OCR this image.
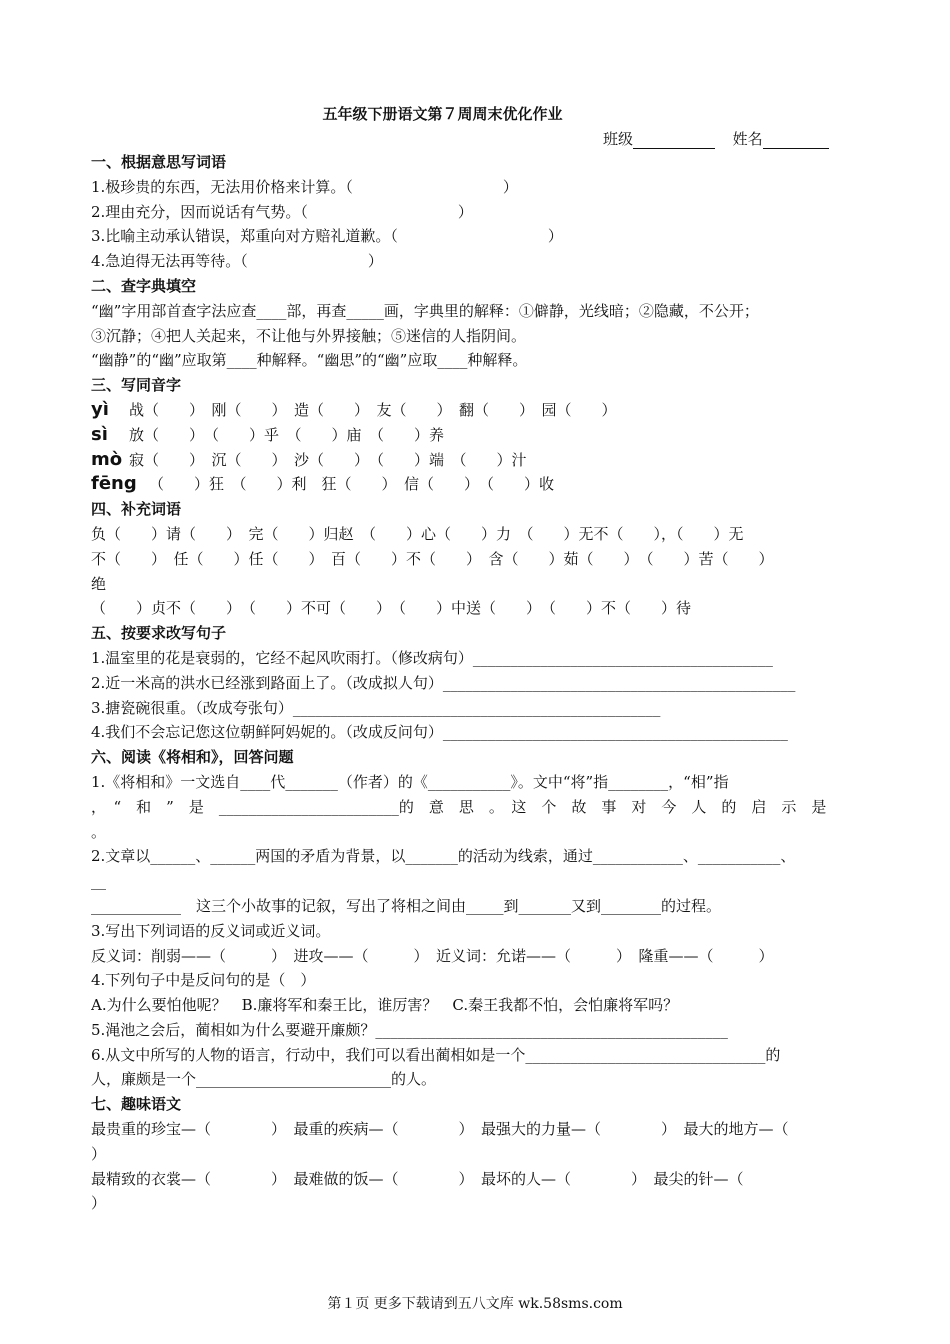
五年级下册语文第７周周末优化作业
班级	姓名
一、根据意思写词语
1.极珍贵的东西，无法用价格来计算。（　　　　　　　　　　）
2.理由充分，因而说话有气势。（　　　　　　　　　　）
3.比喻主动承认错误，郑重向对方赔礼道歉。（　　　　　　　　　　）
4.急迫得无法再等待。（　　　　　　　　）
二、查字典填空
“幽”字用部首查字法应查____部，再查_____画，字典里的解释：①僻静，光线暗；②隐藏，不公开；
③沉静；④把人关起来，不让他与外界接触；⑤迷信的人指阴间。
“幽静”的“幽”应取第____种解释。“幽思”的“幽”应取____种解释。
三、写同音字
yì 战（　　）　刚（　　）　造（　　）　友（　　）　翻（　　）　园（　　）
sì 放（　　）　（　　）乎　（　　）庙　（　　）养
mò 寂（　　）　沉（　　）　沙（　　）　（　　）端　（　　）汁
fēng （　　）狂　（　　）利　狂（　　）　信（　　）　（　　）收
四、补充词语
负（　　）请（　　）　完（　　）归赵　（　　）心（　　）力　（　　）无不（　　），（　　）无
不（　　）　任（　　）任（　　）　百（　　）不（　　）　含（　　）茹（　　）　（　　）苦（　　）
绝
（　　）贞不（　　）　（　　）不可（　　）　（　　）中送（　　）　（　　）不（　　）待
五、按要求改写句子
1.温室里的花是衰弱的，它经不起风吹雨打。（修改病句）________________________________________
2.近一米高的洪水已经涨到路面上了。（改成拟人句）_______________________________________________
3.搪瓷碗很重。（改成夸张句）_________________________________________________
4.我们不会忘记您这位朝鲜阿妈妮的。（改成反问句）______________________________________________
六、阅读《将相和》，回答问题
1.《将相和》一文选自____代_______（作者）的《___________》。文中“将”指________，“相”指
，　“　和　”　是　________________________的　意　思　。　这　个　故　事　对　今　人　的　启　示　是
。
2.文章以______、______两国的矛盾为背景，以_______的活动为线索，通过____________、___________、
__
____________　这三个小故事的记叙，写出了将相之间由_____到_______又到________的过程。
3.写出下列词语的反义词或近义词。
反义词：削弱——（　　　）　进攻——（　　　）　近义词：允诺——（　　　）　隆重——（　　　）
4.下列句子中是反问句的是（　）
A.为什么要怕他呢？　B.廉将军和秦王比，谁厉害？　C.秦王我都不怕，会怕廉将军吗？
5.渑池之会后，蔺相如为什么要避开廉颇？_______________________________________________
6.从文中所写的人物的语言，行动中，我们可以看出蔺相如是一个________________________________的
人，廉颇是一个__________________________的人。
七、趣味语文
最贵重的珍宝—（　　　　）　最重的疾病—（　　　　）　最强大的力量—（　　　　）　最大的地方—（
）
最精致的衣裳—（　　　　）　最难做的饭—（　　　　）　最坏的人—（　　　　）　最尖的针—（
）
第１页 更多下载请到五八文库 wk.58sms.com
